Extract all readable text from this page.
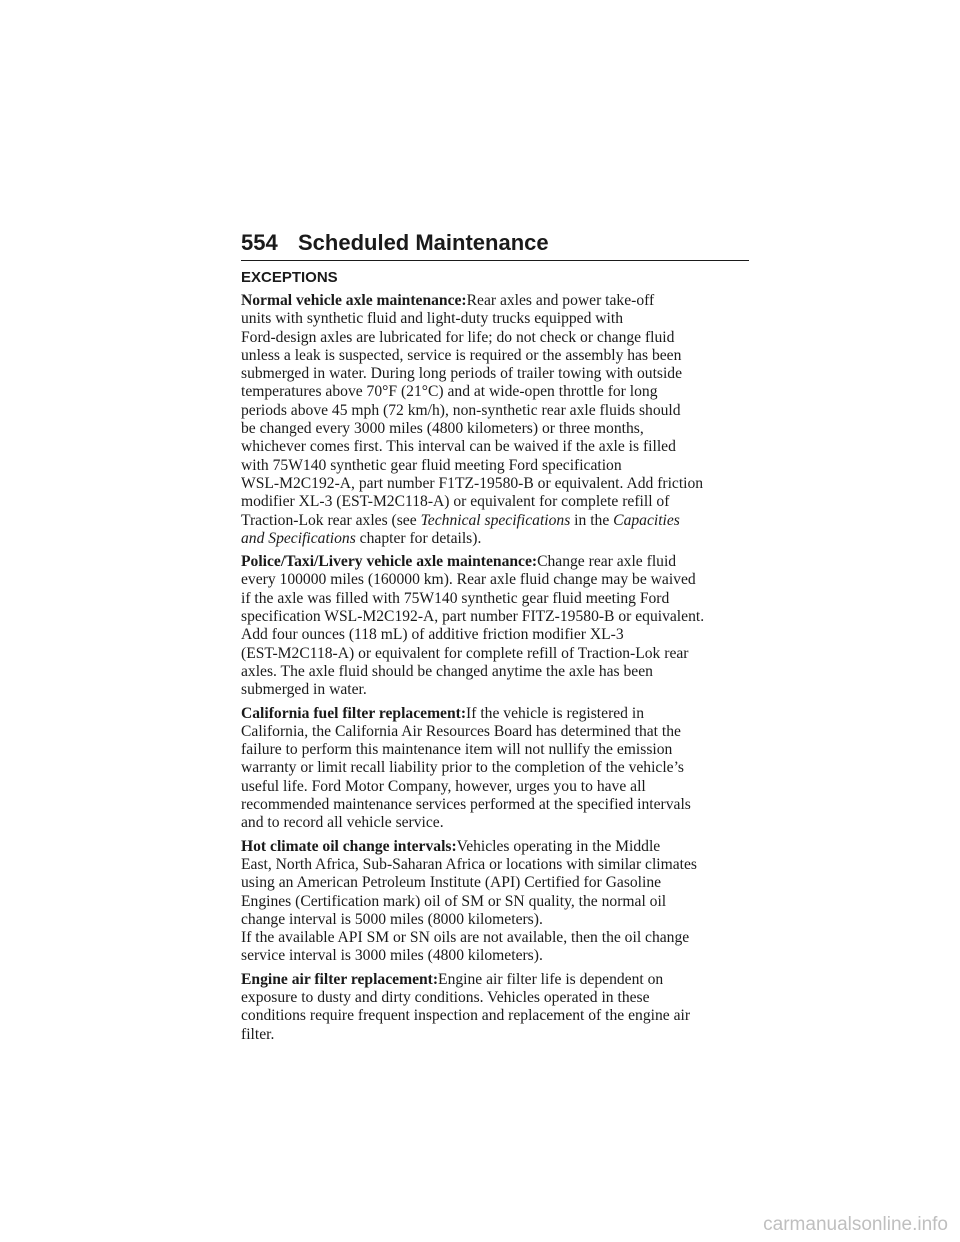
554 Scheduled Maintenance
EXCEPTIONS
Normal vehicle axle maintenance:Rear axles and power take-off
units with synthetic fluid and light-duty trucks equipped with
Ford-design axles are lubricated for life; do not check or change fluid
unless a leak is suspected, service is required or the assembly has been
submerged in water. During long periods of trailer towing with outside
temperatures above 70°F (21°C) and at wide-open throttle for long
periods above 45 mph (72 km/h), non-synthetic rear axle fluids should
be changed every 3000 miles (4800 kilometers) or three months,
whichever comes first. This interval can be waived if the axle is filled
with 75W140 synthetic gear fluid meeting Ford specification
WSL-M2C192-A, part number F1TZ-19580-B or equivalent. Add friction
modifier XL-3 (EST-M2C118-A) or equivalent for complete refill of
Traction-Lok rear axles (see Technical specifications in the Capacities
and Specifications chapter for details).
Police/Taxi/Livery vehicle axle maintenance:Change rear axle fluid
every 100000 miles (160000 km). Rear axle fluid change may be waived
if the axle was filled with 75W140 synthetic gear fluid meeting Ford
specification WSL-M2C192-A, part number FITZ-19580-B or equivalent.
Add four ounces (118 mL) of additive friction modifier XL-3
(EST-M2C118-A) or equivalent for complete refill of Traction-Lok rear
axles. The axle fluid should be changed anytime the axle has been
submerged in water.
California fuel filter replacement:If the vehicle is registered in
California, the California Air Resources Board has determined that the
failure to perform this maintenance item will not nullify the emission
warranty or limit recall liability prior to the completion of the vehicle’s
useful life. Ford Motor Company, however, urges you to have all
recommended maintenance services performed at the specified intervals
and to record all vehicle service.
Hot climate oil change intervals:Vehicles operating in the Middle
East, North Africa, Sub-Saharan Africa or locations with similar climates
using an American Petroleum Institute (API) Certified for Gasoline
Engines (Certification mark) oil of SM or SN quality, the normal oil
change interval is 5000 miles (8000 kilometers).
If the available API SM or SN oils are not available, then the oil change
service interval is 3000 miles (4800 kilometers).
Engine air filter replacement:Engine air filter life is dependent on
exposure to dusty and dirty conditions. Vehicles operated in these
conditions require frequent inspection and replacement of the engine air
filter.
carmanualsonline.info
